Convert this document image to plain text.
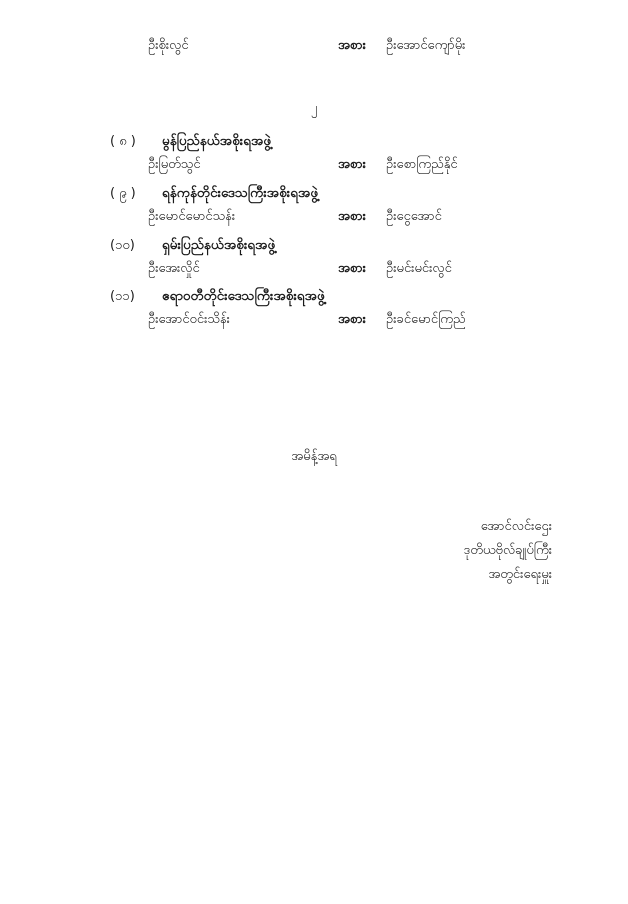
ဦးစိုးလွင်	အစား	ဦးအောင်ကျော်မိုး
၂
( ၈ )	မွန်ပြည်နယ်အစိုးရအဖွဲ့
ဦးမြတ်သွင်	အစား	ဦးစောကြည်နိုင်
( ၉ )	ရန်ကုန်တိုင်းဒေသကြီးအစိုးရအဖွဲ့
ဦးမောင်မောင်သန်း	အစား	ဦးငွေအောင်
(၁၀)	ရှမ်းပြည်နယ်အစိုးရအဖွဲ့
ဦးအေးလှိုင်	အစား	ဦးမင်းမင်းလွင်
(၁၁)	ဧရာဝတီတိုင်းဒေသကြီးအစိုးရအဖွဲ့
ဦးအောင်ဝင်းသိန်း	အစား	ဦးခင်မောင်ကြည်
အမိန့်အရ
အောင်လင်းဌေး
ဒုတိယဗိုလ်ချုပ်ကြီး
အတွင်းရေးမှူး
